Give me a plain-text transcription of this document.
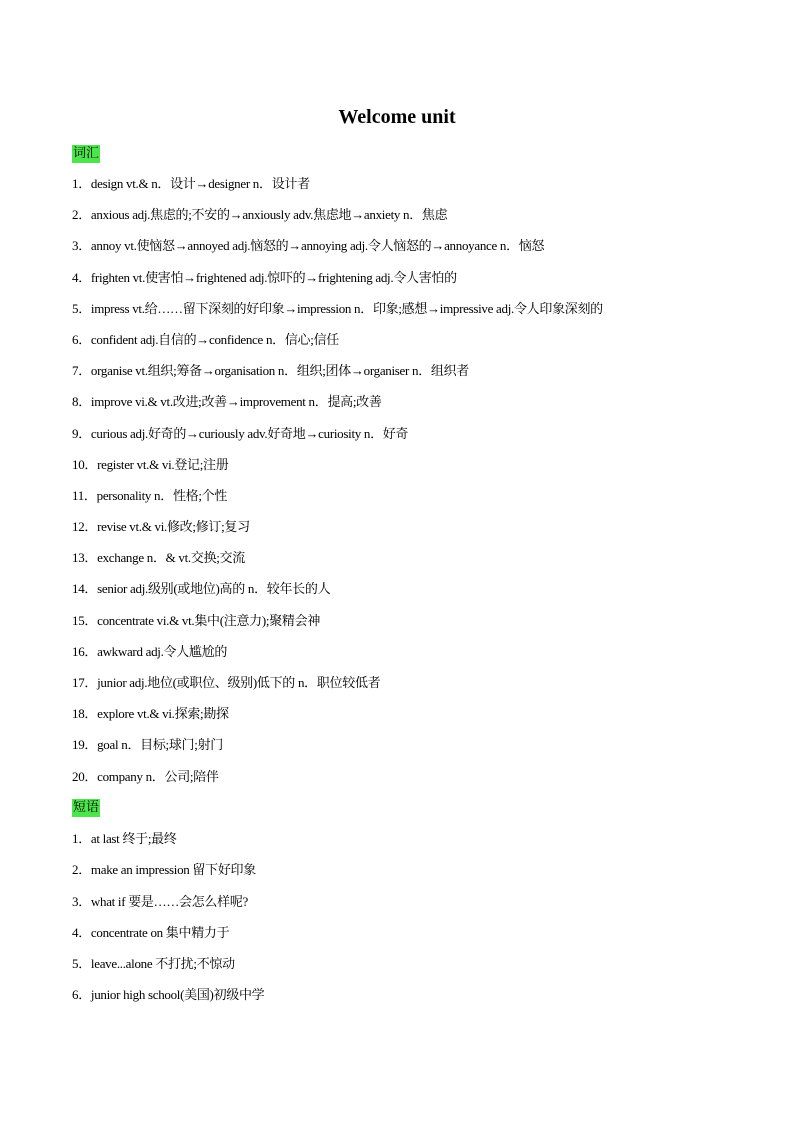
Welcome unit
词汇
1．design vt.& n．设计→designer n．设计者
2．anxious adj.焦虑的;不安的→anxiously adv.焦虑地→anxiety n．焦虑
3．annoy vt.使恼怒→annoyed adj.恼怒的→annoying adj.令人恼怒的→annoyance n．恼怒
4．frighten vt.使害怕→frightened adj.惊吓的→frightening adj.令人害怕的
5．impress vt.给……留下深刻的好印象→impression n．印象;感想→impressive adj.令人印象深刻的
6．confident adj.自信的→confidence n．信心;信任
7．organise vt.组织;筹备→organisation n．组织;团体→organiser n．组织者
8．improve vi.& vt.改进;改善→improvement n．提高;改善
9．curious adj.好奇的→curiously adv.好奇地→curiosity n．好奇
10．register vt.& vi.登记;注册
11．personality n．性格;个性
12．revise vt.& vi.修改;修订;复习
13．exchange n．& vt.交换;交流
14．senior adj.级别(或地位)高的 n．较年长的人
15．concentrate vi.& vt.集中(注意力);聚精会神
16．awkward adj.令人尴尬的
17．junior adj.地位(或职位、级别)低下的 n．职位较低者
18．explore vt.& vi.探索;勘探
19．goal n．目标;球门;射门
20．company n．公司;陪伴
短语
1．at last 终于;最终
2．make an impression 留下好印象
3．what if 要是……会怎么样呢?
4．concentrate on 集中精力于
5．leave...alone 不打扰;不惊动
6．junior high school(美国)初级中学
